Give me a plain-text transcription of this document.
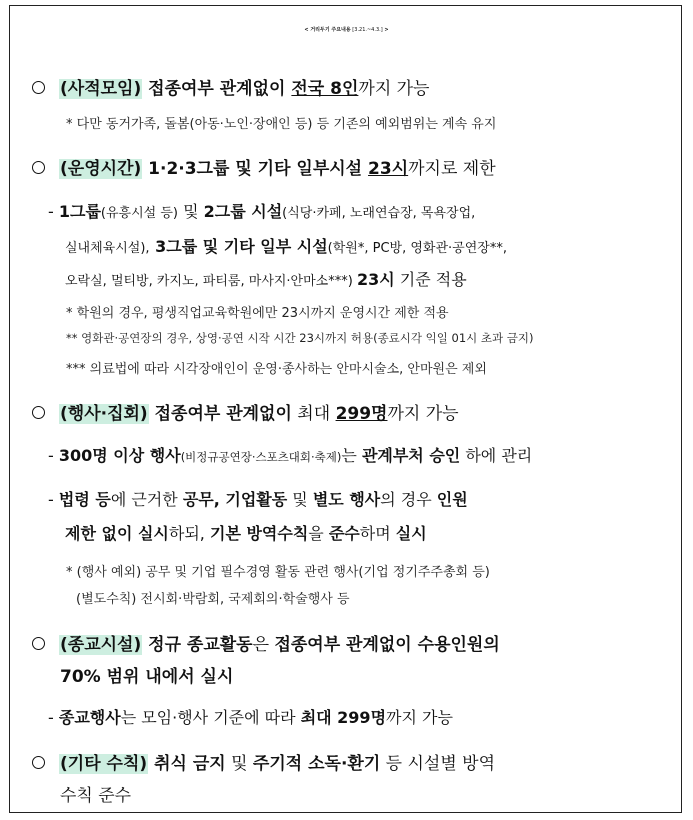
< 거리두기 주요내용 [3.21.~4.3.] >
(사적모임) 접종여부 관계없이 전국 8인까지 가능
* 다만 동거가족, 돌봄(아동·노인·장애인 등) 등 기존의 예외범위는 계속 유지
(운영시간) 1·2·3그룹 및 기타 일부시설 23시까지로 제한
- 1그룹(유흥시설 등) 및 2그룹 시설(식당·카페, 노래연습장, 목욕장업,
실내체육시설), 3그룹 및 기타 일부 시설(학원*, PC방, 영화관·공연장**,
오락실, 멀티방, 카지노, 파티룸, 마사지·안마소***) 23시 기준 적용
* 학원의 경우, 평생직업교육학원에만 23시까지 운영시간 제한 적용
** 영화관·공연장의 경우, 상영·공연 시작 시간 23시까지 허용(종료시각 익일 01시 초과 금지)
*** 의료법에 따라 시각장애인이 운영·종사하는 안마시술소, 안마원은 제외
(행사·집회) 접종여부 관계없이 최대 299명까지 가능
- 300명 이상 행사(비정규공연장·스포츠대회·축제)는 관계부처 승인 하에 관리
- 법령 등에 근거한 공무, 기업활동 및 별도 행사의 경우 인원
제한 없이 실시하되, 기본 방역수칙을 준수하며 실시
* (행사 예외) 공무 및 기업 필수경영 활동 관련 행사(기업 정기주주총회 등)
(별도수칙) 전시회·박람회, 국제회의·학술행사 등
(종교시설) 정규 종교활동은 접종여부 관계없이 수용인원의
70% 범위 내에서 실시
- 종교행사는 모임·행사 기준에 따라 최대 299명까지 가능
(기타 수칙) 취식 금지 및 주기적 소독·환기 등 시설별 방역
수칙 준수
